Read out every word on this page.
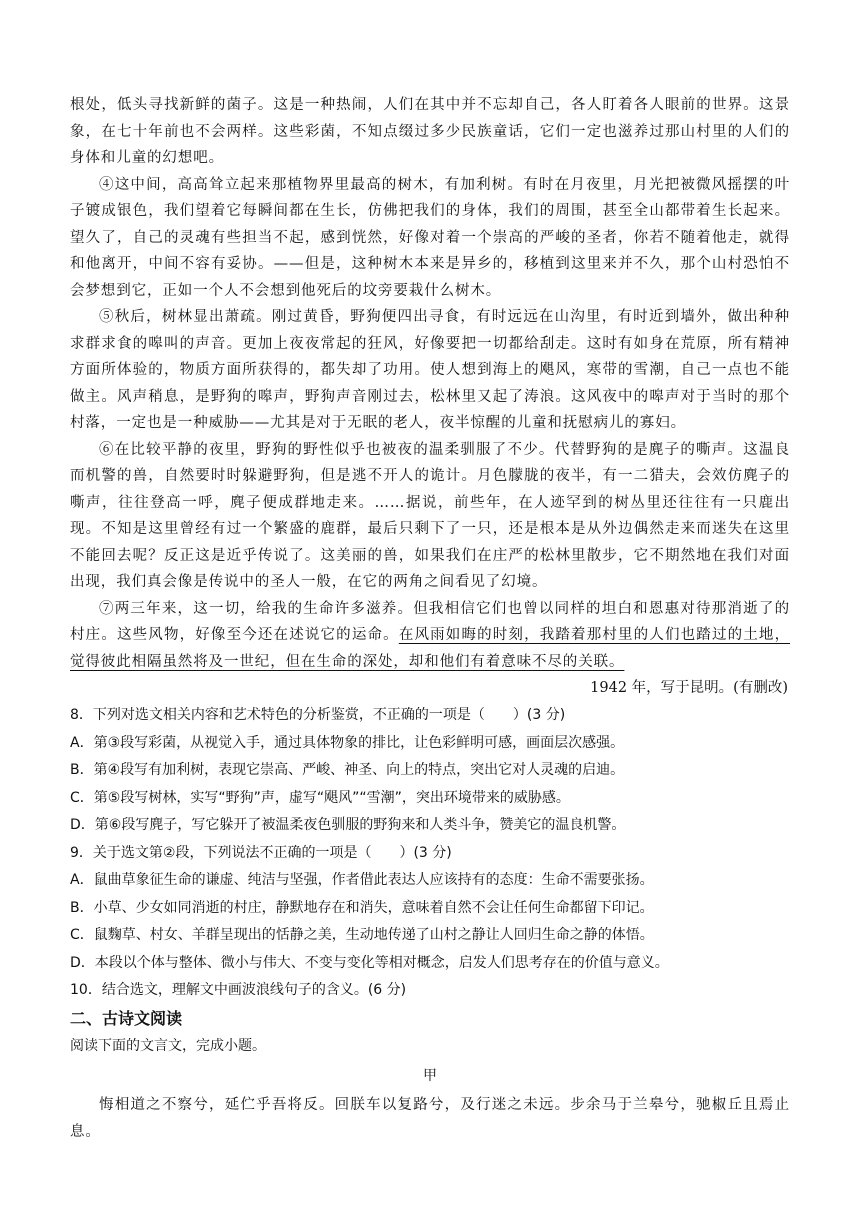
根处，低头寻找新鲜的菌子。这是一种热闹，人们在其中并不忘却自己，各人盯着各人眼前的世界。这景象，在七十年前也不会两样。这些彩菌，不知点缀过多少民族童话，它们一定也滋养过那山村里的人们的身体和儿童的幻想吧。

④这中间，高高耸立起来那植物界里最高的树木，有加利树。有时在月夜里，月光把被微风摇摆的叶子镀成银色，我们望着它每瞬间都在生长，仿佛把我们的身体，我们的周围，甚至全山都带着生长起来。望久了，自己的灵魂有些担当不起，感到恍然，好像对着一个崇高的严峻的圣者，你若不随着他走，就得和他离开，中间不容有妥协。——但是，这种树木本来是异乡的，移植到这里来并不久，那个山村恐怕不会梦想到它，正如一个人不会想到他死后的坟旁要栽什么树木。

⑤秋后，树林显出萧疏。刚过黄昏，野狗便四出寻食，有时远远在山沟里，有时近到墙外，做出种种求群求食的嗥叫的声音。更加上夜夜常起的狂风，好像要把一切都给刮走。这时有如身在荒原，所有精神方面所体验的，物质方面所获得的，都失却了功用。使人想到海上的飓风，寒带的雪潮，自己一点也不能做主。风声稍息，是野狗的嗥声，野狗声音刚过去，松林里又起了涛浪。这风夜中的嗥声对于当时的那个村落，一定也是一种威胁——尤其是对于无眠的老人，夜半惊醒的儿童和抚慰病儿的寡妇。

⑥在比较平静的夜里，野狗的野性似乎也被夜的温柔驯服了不少。代替野狗的是麂子的嘶声。这温良而机警的兽，自然要时时躲避野狗，但是逃不开人的诡计。月色朦胧的夜半，有一二猎夫，会效仿麂子的嘶声，往往登高一呼，麂子便成群地走来。……据说，前些年，在人迹罕到的树丛里还往往有一只鹿出现。不知是这里曾经有过一个繁盛的鹿群，最后只剩下了一只，还是根本是从外边偶然走来而迷失在这里不能回去呢？反正这是近乎传说了。这美丽的兽，如果我们在庄严的松林里散步，它不期然地在我们对面出现，我们真会像是传说中的圣人一般，在它的两角之间看见了幻境。

⑦两三年来，这一切，给我的生命许多滋养。但我相信它们也曾以同样的坦白和恩惠对待那消逝了的村庄。这些风物，好像至今还在述说它的运命。在风雨如晦的时刻，我踏着那村里的人们也踏过的土地，觉得彼此相隔虽然将及一世纪，但在生命的深处，却和他们有着意味不尽的关联。

1942 年，写于昆明。(有删改)

8．下列对选文相关内容和艺术特色的分析鉴赏，不正确的一项是（　　）(3 分)

A．第③段写彩菌，从视觉入手，通过具体物象的排比，让色彩鲜明可感，画面层次感强。

B．第④段写有加利树，表现它崇高、严峻、神圣、向上的特点，突出它对人灵魂的启迪。

C．第⑤段写树林，实写“野狗”声，虚写“飓风”“雪潮”，突出环境带来的威胁感。

D．第⑥段写麂子，写它躲开了被温柔夜色驯服的野狗来和人类斗争，赞美它的温良机警。

9．关于选文第②段，下列说法不正确的一项是（　　）(3 分)

A．鼠曲草象征生命的谦虚、纯洁与坚强，作者借此表达人应该持有的态度：生命不需要张扬。

B．小草、少女如同消逝的村庄，静默地存在和消失，意味着自然不会让任何生命都留下印记。

C．鼠麴草、村女、羊群呈现出的恬静之美，生动地传递了山村之静让人回归生命之静的体悟。

D．本段以个体与整体、微小与伟大、不变与变化等相对概念，启发人们思考存在的价值与意义。

10．结合选文，理解文中画波浪线句子的含义。(6 分)

二、古诗文阅读

阅读下面的文言文，完成小题。

甲

悔相道之不察兮，延伫乎吾将反。回朕车以复路兮，及行迷之未远。步余马于兰皋兮，驰椒丘且焉止息。
